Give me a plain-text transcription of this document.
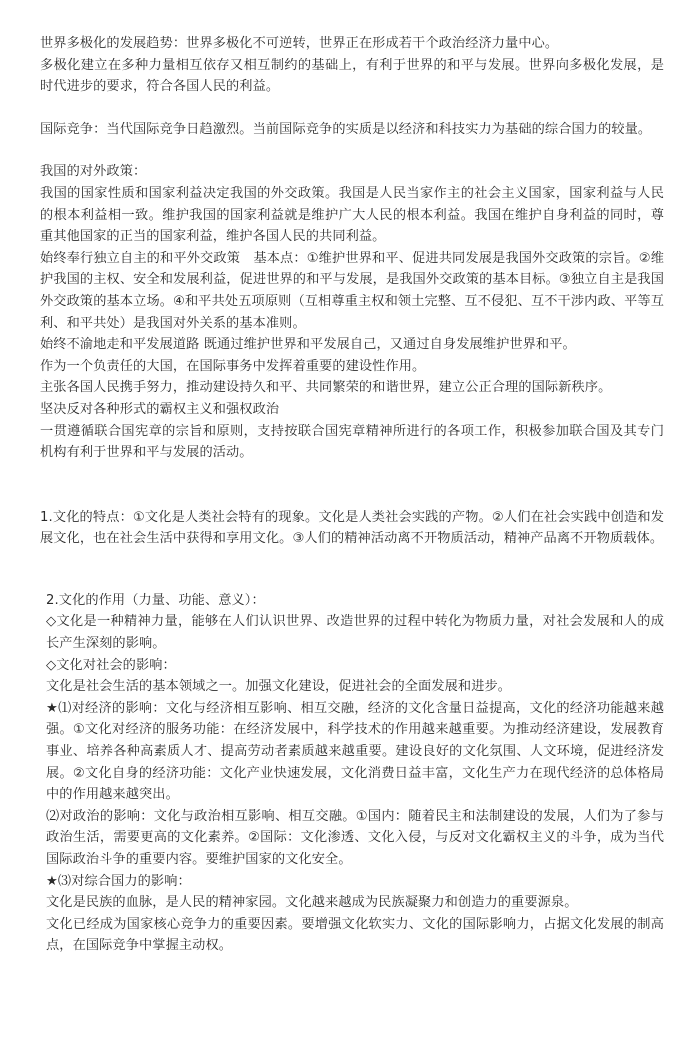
世界多极化的发展趋势：世界多极化不可逆转，世界正在形成若干个政治经济力量中心。

多极化建立在多种力量相互依存又相互制约的基础上，有利于世界的和平与发展。世界向多极化发展，是时代进步的要求，符合各国人民的利益。

国际竞争：当代国际竞争日趋激烈。当前国际竞争的实质是以经济和科技实力为基础的综合国力的较量。

我国的对外政策：

我国的国家性质和国家利益决定我国的外交政策。我国是人民当家作主的社会主义国家，国家利益与人民的根本利益相一致。维护我国的国家利益就是维护广大人民的根本利益。我国在维护自身利益的同时，尊重其他国家的正当的国家利益，维护各国人民的共同利益。

始终奉行独立自主的和平外交政策　基本点：①维护世界和平、促进共同发展是我国外交政策的宗旨。②维护我国的主权、安全和发展利益，促进世界的和平与发展，是我国外交政策的基本目标。③独立自主是我国外交政策的基本立场。④和平共处五项原则（互相尊重主权和领土完整、互不侵犯、互不干涉内政、平等互利、和平共处）是我国对外关系的基本准则。

始终不渝地走和平发展道路 既通过维护世界和平发展自己，又通过自身发展维护世界和平。

作为一个负责任的大国，在国际事务中发挥着重要的建设性作用。

主张各国人民携手努力，推动建设持久和平、共同繁荣的和谐世界，建立公正合理的国际新秩序。

坚决反对各种形式的霸权主义和强权政治

一贯遵循联合国宪章的宗旨和原则，支持按联合国宪章精神所进行的各项工作，积极参加联合国及其专门机构有利于世界和平与发展的活动。

1.文化的特点：①文化是人类社会特有的现象。文化是人类社会实践的产物。②人们在社会实践中创造和发展文化，也在社会生活中获得和享用文化。③人们的精神活动离不开物质活动，精神产品离不开物质载体。

2.文化的作用（力量、功能、意义）：

◇文化是一种精神力量，能够在人们认识世界、改造世界的过程中转化为物质力量，对社会发展和人的成长产生深刻的影响。

◇文化对社会的影响：

文化是社会生活的基本领域之一。加强文化建设，促进社会的全面发展和进步。

★⑴对经济的影响：文化与经济相互影响、相互交融，经济的文化含量日益提高，文化的经济功能越来越强。①文化对经济的服务功能：在经济发展中，科学技术的作用越来越重要。为推动经济建设，发展教育事业、培养各种高素质人才、提高劳动者素质越来越重要。建设良好的文化氛围、人文环境，促进经济发展。②文化自身的经济功能：文化产业快速发展，文化消费日益丰富，文化生产力在现代经济的总体格局中的作用越来越突出。

⑵对政治的影响：文化与政治相互影响、相互交融。①国内：随着民主和法制建设的发展，人们为了参与政治生活，需要更高的文化素养。②国际：文化渗透、文化入侵，与反对文化霸权主义的斗争，成为当代国际政治斗争的重要内容。要维护国家的文化安全。

★⑶对综合国力的影响：

文化是民族的血脉，是人民的精神家园。文化越来越成为民族凝聚力和创造力的重要源泉。

文化已经成为国家核心竞争力的重要因素。要增强文化软实力、文化的国际影响力，占据文化发展的制高点，在国际竞争中掌握主动权。
